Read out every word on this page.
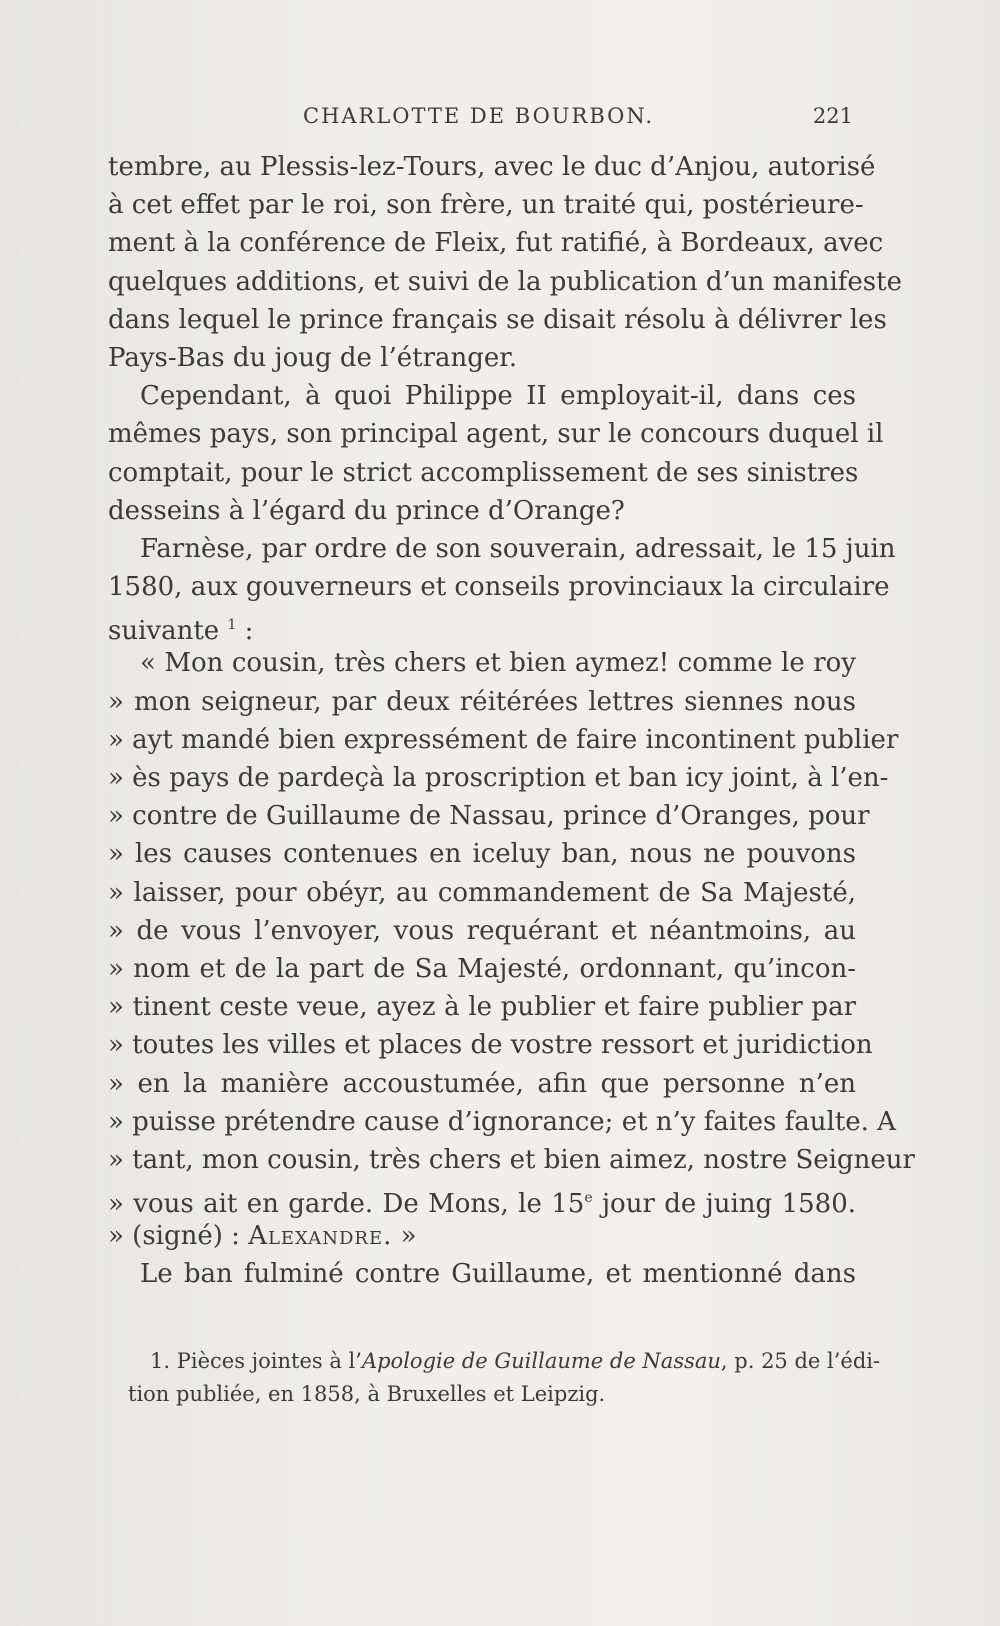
CHARLOTTE DE BOURBON.	221
tembre, au Plessis-lez-Tours, avec le duc d’Anjou, autorisé
à cet effet par le roi, son frère, un traité qui, postérieure-
ment à la conférence de Fleix, fut ratifié, à Bordeaux, avec
quelques additions, et suivi de la publication d’un manifeste
dans lequel le prince français se disait résolu à délivrer les
Pays-Bas du joug de l’étranger.
Cependant, à quoi Philippe II employait-il, dans ces
mêmes pays, son principal agent, sur le concours duquel il
comptait, pour le strict accomplissement de ses sinistres
desseins à l’égard du prince d’Orange?
Farnèse, par ordre de son souverain, adressait, le 15 juin
1580, aux gouverneurs et conseils provinciaux la circulaire
suivante $^1$ :
« Mon cousin, très chers et bien aymez! comme le roy
» mon seigneur, par deux réitérées lettres siennes nous
» ayt mandé bien expressément de faire incontinent publier
» ès pays de pardeçà la proscription et ban icy joint, à l’en-
» contre de Guillaume de Nassau, prince d’Oranges, pour
» les causes contenues en iceluy ban, nous ne pouvons
» laisser, pour obéyr, au commandement de Sa Majesté,
» de vous l’envoyer, vous requérant et néantmoins, au
» nom et de la part de Sa Majesté, ordonnant, qu’incon-
» tinent ceste veue, ayez à le publier et faire publier par
» toutes les villes et places de vostre ressort et juridiction
» en la manière accoustumée, afin que personne n’en
» puisse prétendre cause d’ignorance; et n’y faites faulte. A
» tant, mon cousin, très chers et bien aimez, nostre Seigneur
» vous ait en garde. De Mons, le 15e jour de juing 1580.
» (signé) : Alexandre. »
Le ban fulminé contre Guillaume, et mentionné dans
1. Pièces jointes à l’Apologie de Guillaume de Nassau, p. 25 de l’édi-
tion publiée, en 1858, à Bruxelles et Leipzig.
